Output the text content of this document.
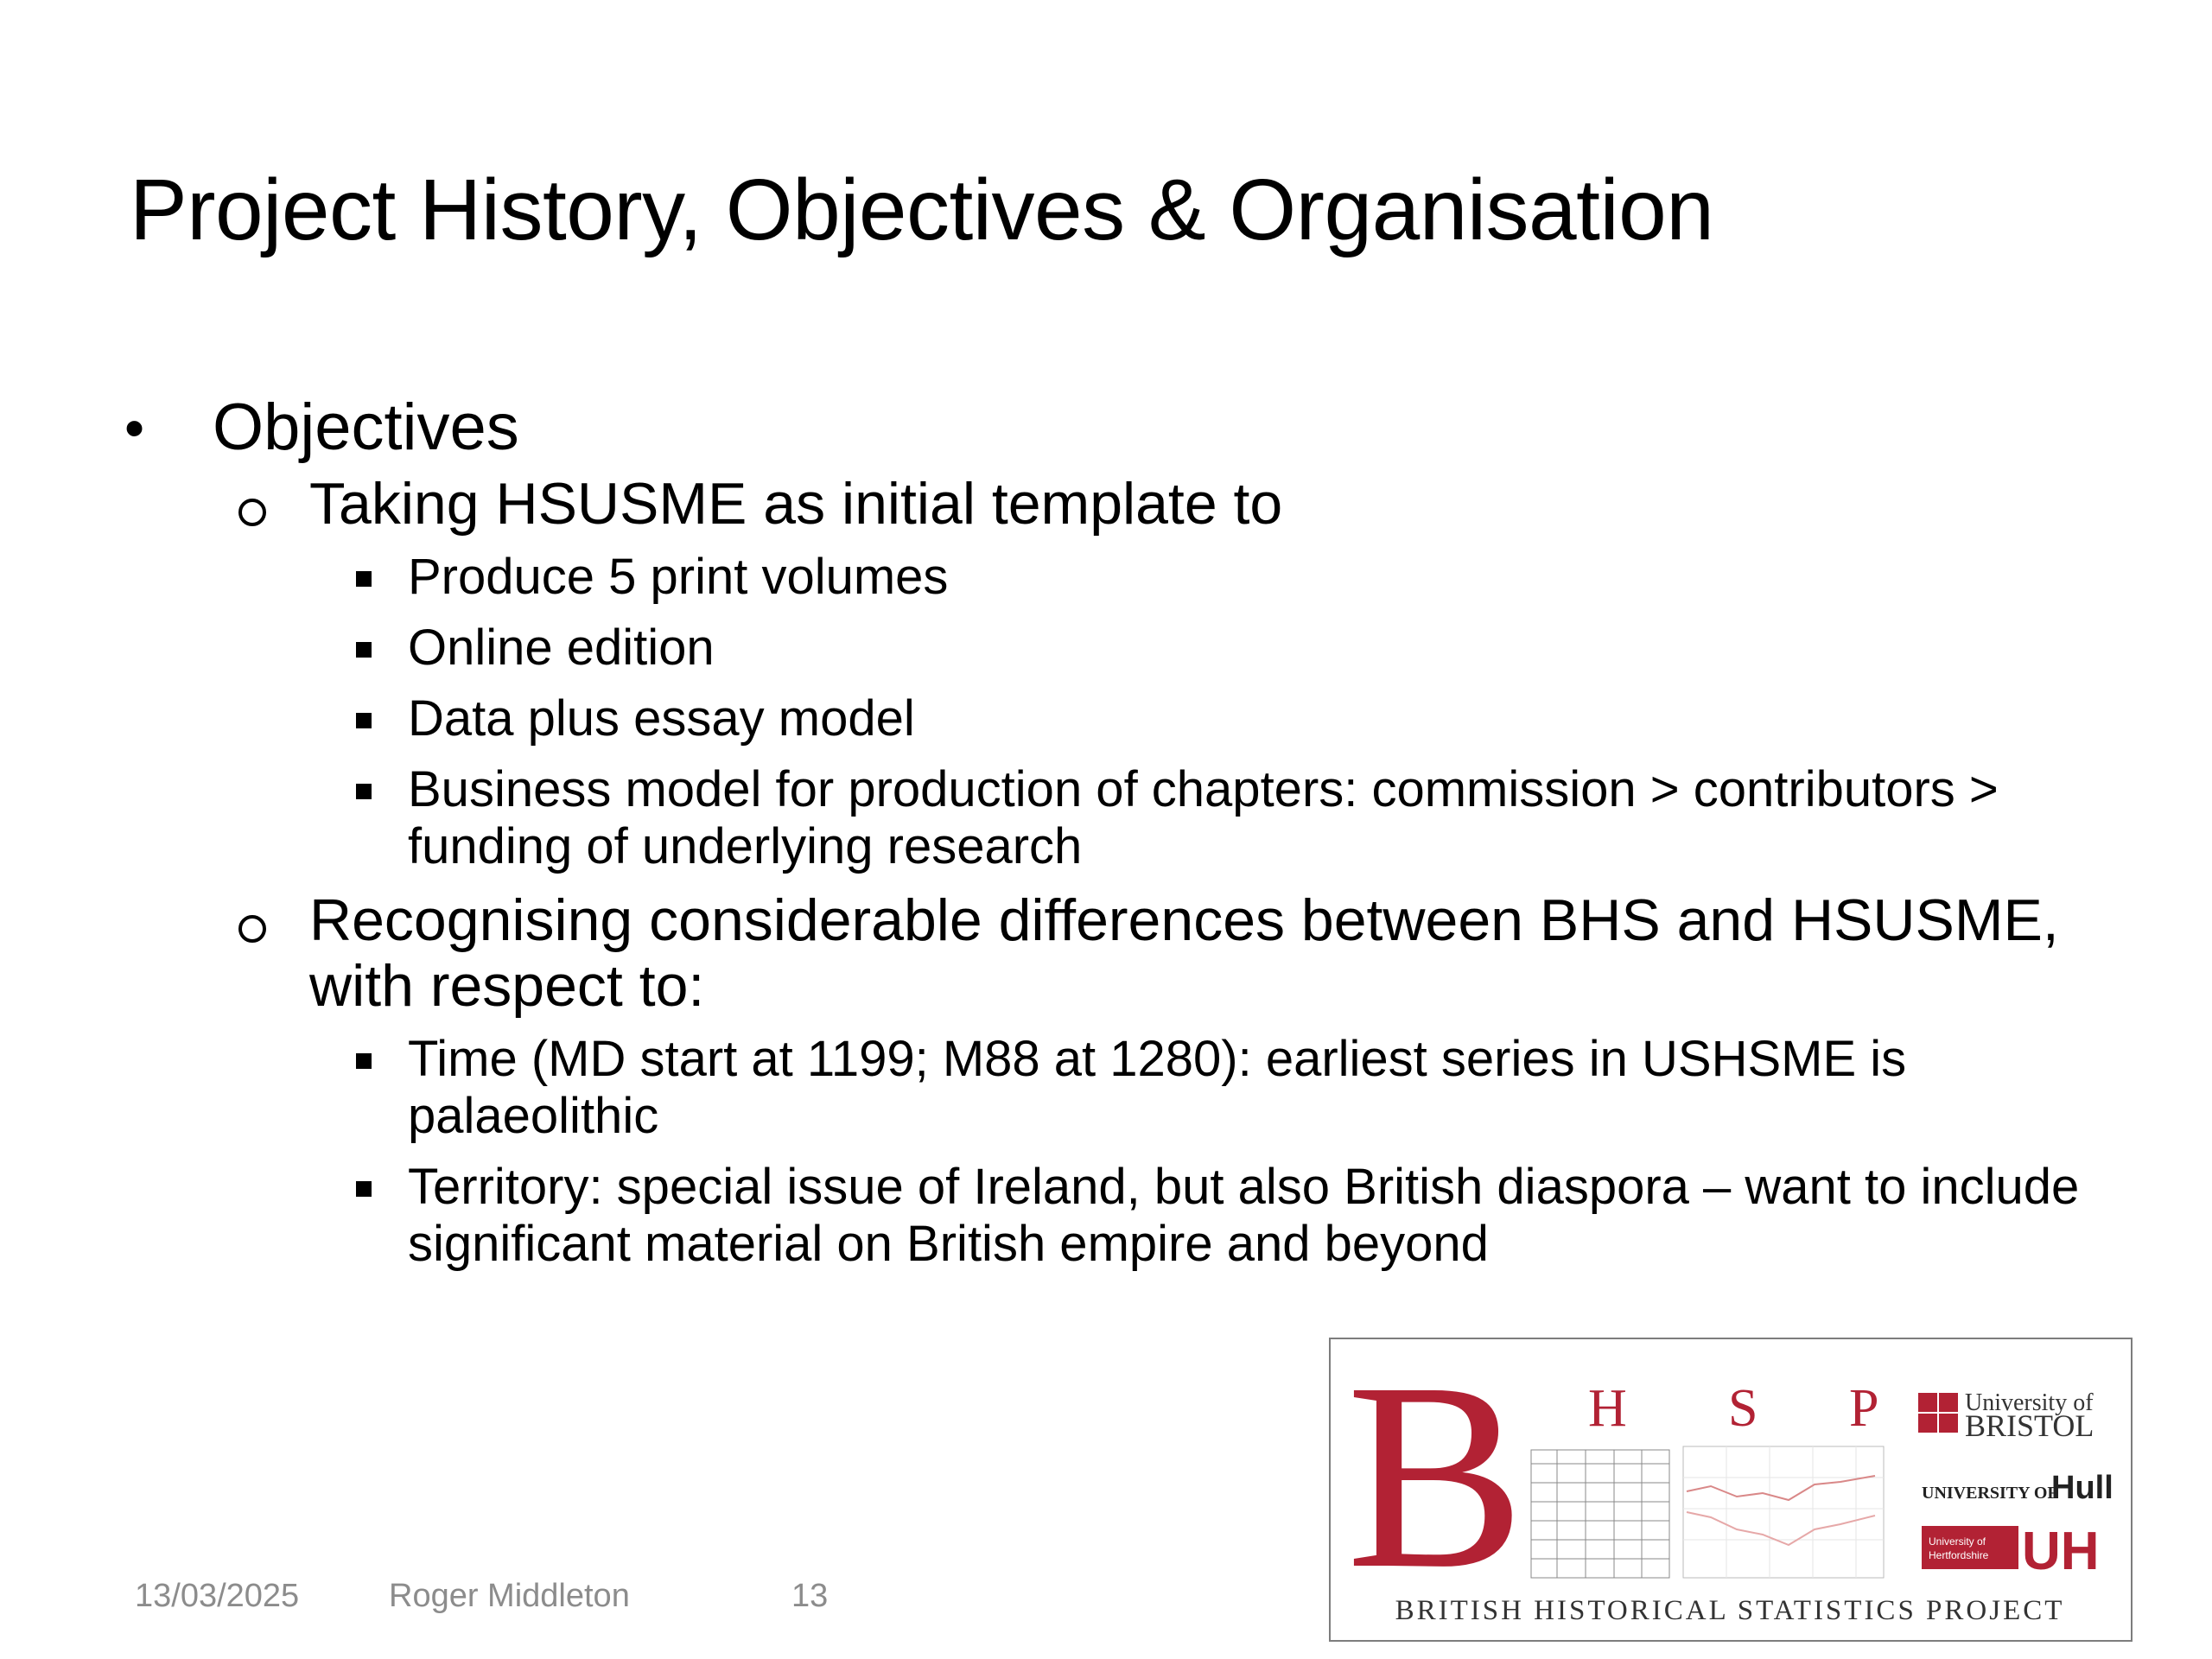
Project History, Objectives & Organisation
• Objectives
Taking HSUSME as initial template to
Produce 5 print volumes
Online edition
Data plus essay model
Business model for production of chapters: commission > contributors > funding of underlying research
Recognising considerable differences between BHS and HSUSME, with respect to:
Time (MD start at 1199; M88 at 1280): earliest series in USHSME is palaeolithic
Territory: special issue of Ireland, but also British diaspora – want to include significant material on British empire and beyond
13/03/2025	Roger Middleton	13 B H S P	University of
BRISTOL
UNIVERSITY OF
Hull
University of
Hertfordshire UH
BRITISH HISTORICAL STATISTICS PROJECT
